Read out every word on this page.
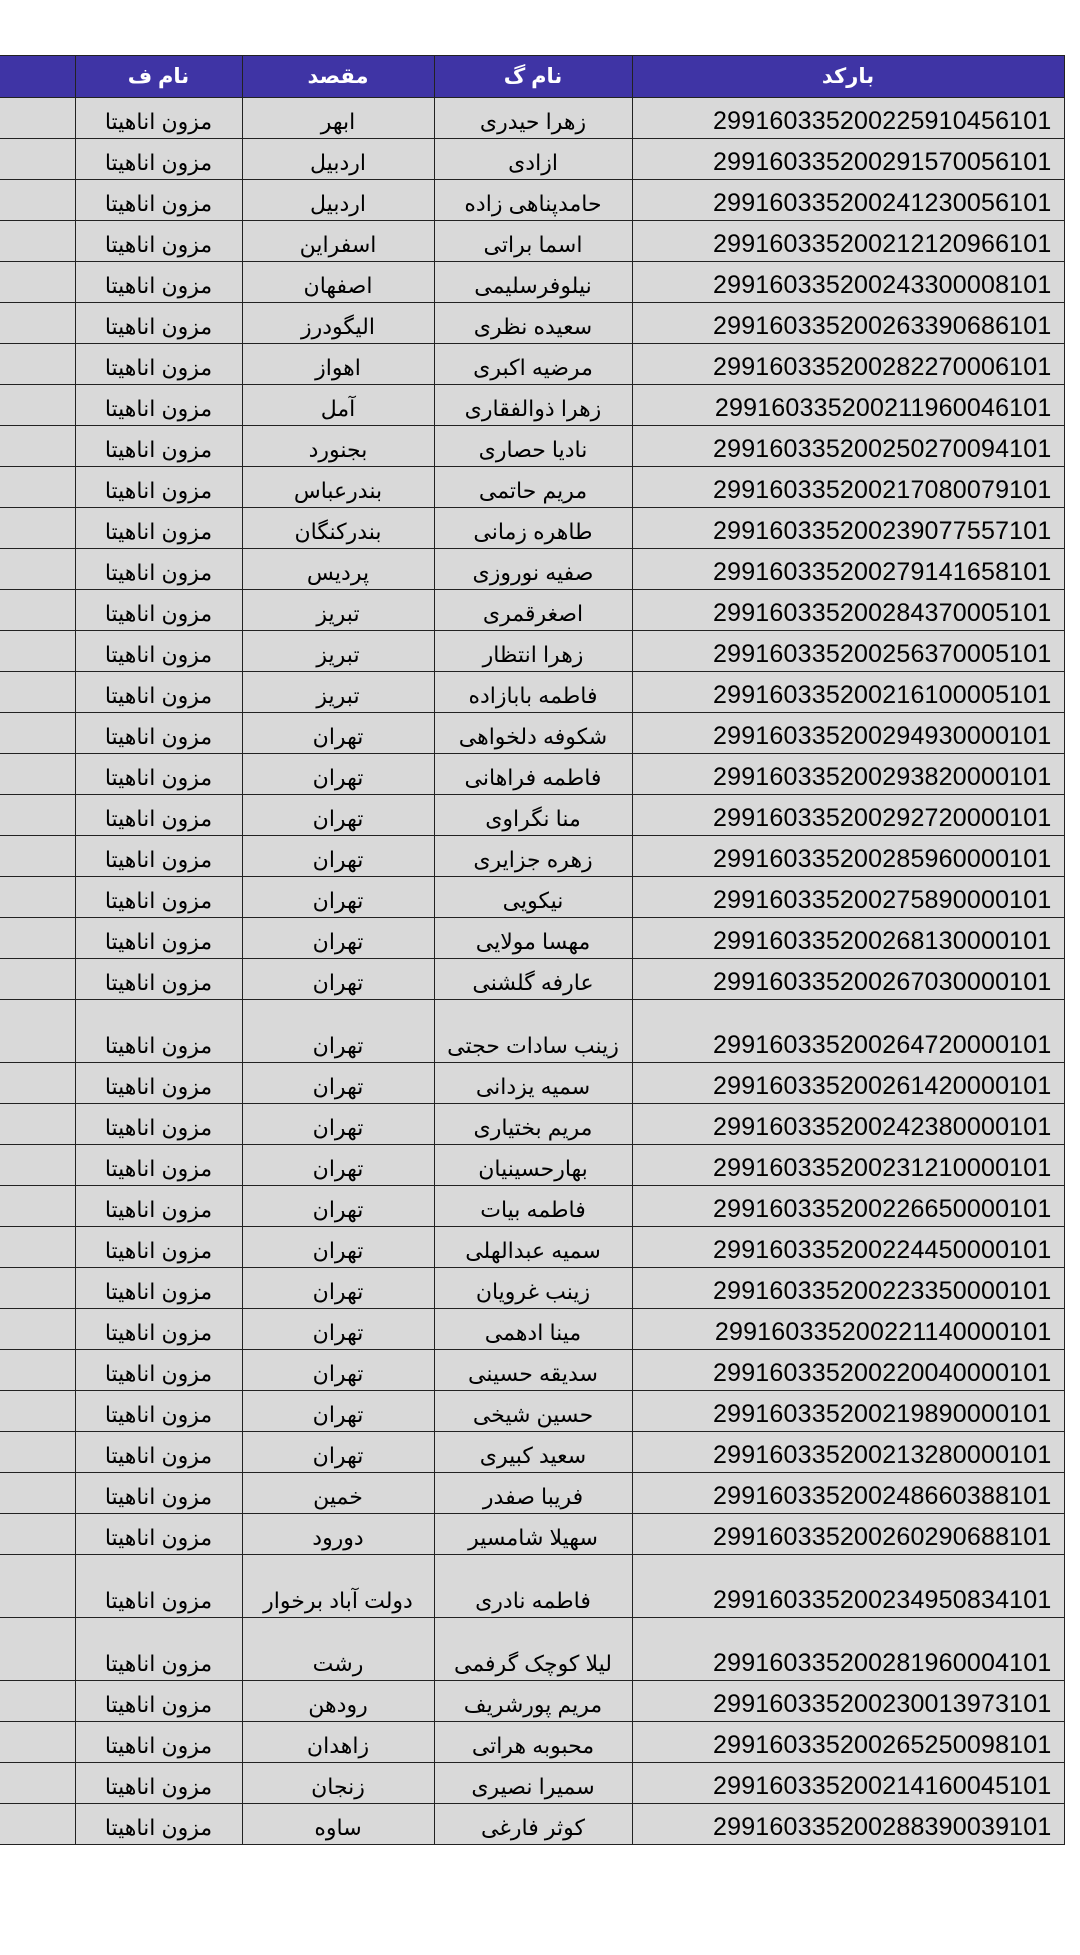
	نام ف	مقصد	نام گ	بارکد
	مزون اناهیتا	ابهر	زهرا حیدری	299160335200225910456101
	مزون اناهیتا	اردبیل	ازادی	299160335200291570056101
	مزون اناهیتا	اردبیل	حامدپناهی زاده	299160335200241230056101
	مزون اناهیتا	اسفراین	اسما براتی	299160335200212120966101
	مزون اناهیتا	اصفهان	نیلوفرسلیمی	299160335200243300008101
	مزون اناهیتا	الیگودرز	سعیده نظری	299160335200263390686101
	مزون اناهیتا	اهواز	مرضیه اکبری	299160335200282270006101
	مزون اناهیتا	آمل	زهرا ذوالفقاری	299160335200211960046101
	مزون اناهیتا	بجنورد	نادیا حصاری	299160335200250270094101
	مزون اناهیتا	بندرعباس	مریم حاتمی	299160335200217080079101
	مزون اناهیتا	بندرکنگان	طاهره زمانی	299160335200239077557101
	مزون اناهیتا	پردیس	صفیه نوروزی	299160335200279141658101
	مزون اناهیتا	تبریز	اصغرقمری	299160335200284370005101
	مزون اناهیتا	تبریز	زهرا انتظار	299160335200256370005101
	مزون اناهیتا	تبریز	فاطمه بابازاده	299160335200216100005101
	مزون اناهیتا	تهران	شکوفه دلخواهی	299160335200294930000101
	مزون اناهیتا	تهران	فاطمه فراهانی	299160335200293820000101
	مزون اناهیتا	تهران	منا نگراوی	299160335200292720000101
	مزون اناهیتا	تهران	زهره جزایری	299160335200285960000101
	مزون اناهیتا	تهران	نیکویی	299160335200275890000101
	مزون اناهیتا	تهران	مهسا مولایی	299160335200268130000101
	مزون اناهیتا	تهران	عارفه گلشنی	299160335200267030000101
	مزون اناهیتا	تهران	زینب سادات حجتی	299160335200264720000101
	مزون اناهیتا	تهران	سمیه یزدانی	299160335200261420000101
	مزون اناهیتا	تهران	مریم بختیاری	299160335200242380000101
	مزون اناهیتا	تهران	بهارحسینیان	299160335200231210000101
	مزون اناهیتا	تهران	فاطمه بیات	299160335200226650000101
	مزون اناهیتا	تهران	سمیه عبدالهلی	299160335200224450000101
	مزون اناهیتا	تهران	زینب غرویان	299160335200223350000101
	مزون اناهیتا	تهران	مینا ادهمی	299160335200221140000101
	مزون اناهیتا	تهران	سدیقه حسینی	299160335200220040000101
	مزون اناهیتا	تهران	حسین شیخی	299160335200219890000101
	مزون اناهیتا	تهران	سعید کبیری	299160335200213280000101
	مزون اناهیتا	خمین	فریبا صفدر	299160335200248660388101
	مزون اناهیتا	دورود	سهیلا شامسیر	299160335200260290688101
	مزون اناهیتا	دولت آباد برخوار	فاطمه نادری	299160335200234950834101
	مزون اناهیتا	رشت	لیلا کوچک گرفمی	299160335200281960004101
	مزون اناهیتا	رودهن	مریم پورشریف	299160335200230013973101
	مزون اناهیتا	زاهدان	محبوبه هراتی	299160335200265250098101
	مزون اناهیتا	زنجان	سمیرا نصیری	299160335200214160045101
	مزون اناهیتا	ساوه	کوثر فارغی	299160335200288390039101
